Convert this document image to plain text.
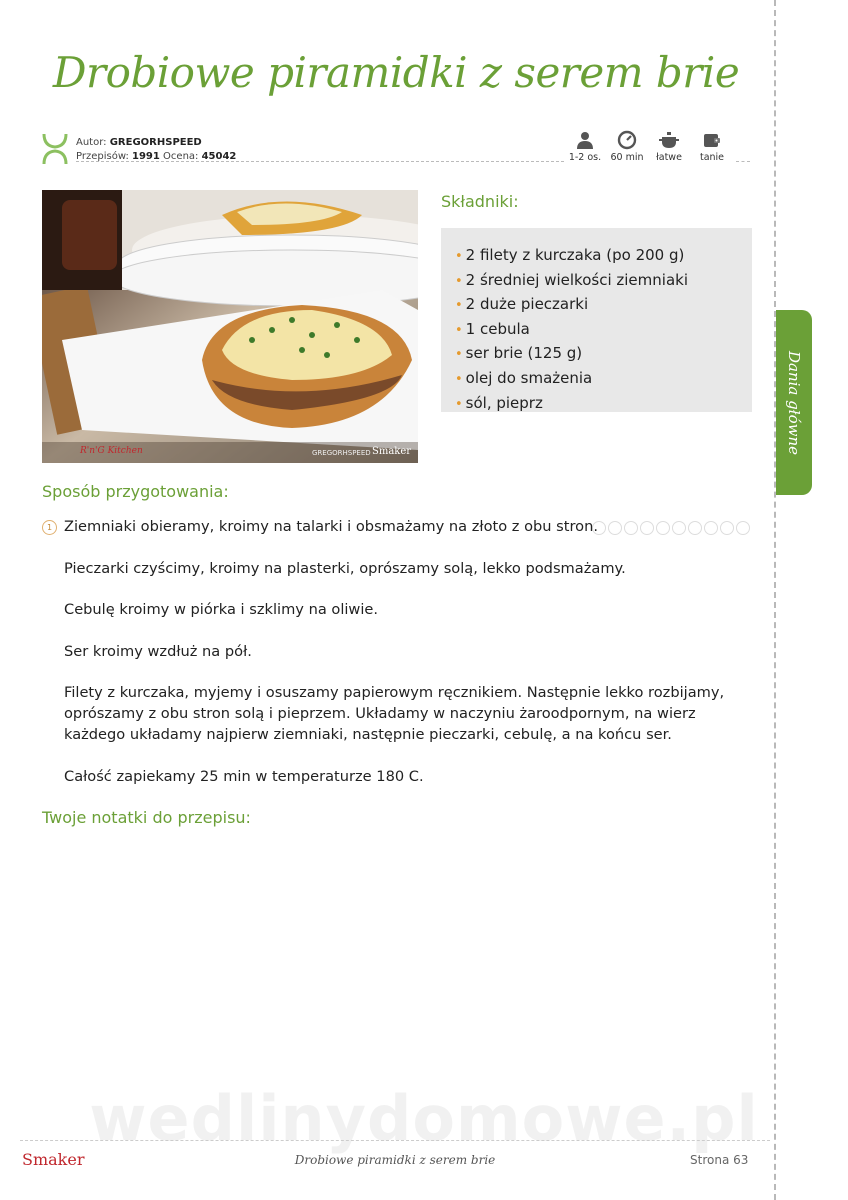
Drobiowe piramidki z serem brie
Autor: GREGORHSPEED
Przepisów: 1991 Ocena: 45042	1-2 os. 60 min	łatwe	tanie
R'n'G Kitchen	GREGORHSPEED Smaker
Składniki:
• 2 filety z kurczaka (po 200 g)
• 2 średniej wielkości ziemniaki
• 2 duże pieczarki
• 1 cebula
• ser brie (125 g)
• olej do smażenia
• sól, pieprz
Sposób przygotowania:
1 Ziemniaki obieramy, kroimy na talarki i obsmażamy na złoto z obu stron.

Pieczarki czyścimy, kroimy na plasterki, oprószamy solą, lekko podsmażamy.

Cebulę kroimy w piórka i szklimy na oliwie.

Ser kroimy wzdłuż na pół.

Filety z kurczaka, myjemy i osuszamy papierowym ręcznikiem. Następnie lekko rozbijamy,
oprószamy z obu stron solą i pieprzem. Układamy w naczyniu żaroodpornym, na wierz
każdego układamy najpierw ziemniaki, następnie pieczarki, cebulę, a na końcu ser.

Całość zapiekamy 25 min w temperaturze 180 C.

Twoje notatki do przepisu:
Dania główne
wedlinydomowe.pl
Smaker	Drobiowe piramidki z serem brie	Strona 63
